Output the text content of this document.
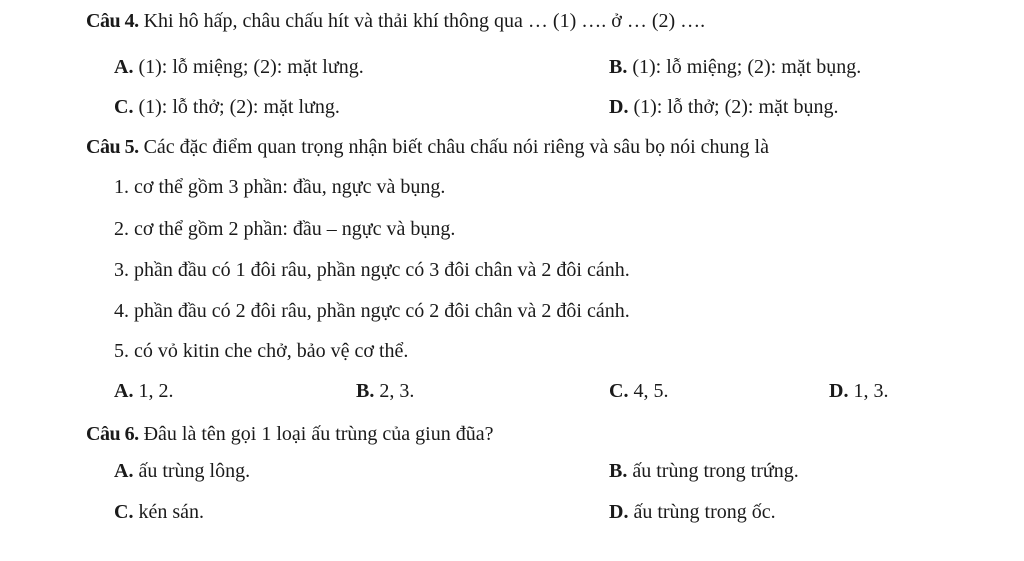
Câu 4. Khi hô hấp, châu chấu hít và thải khí thông qua … (1) …. ở … (2) ….
A. (1): lỗ miệng; (2): mặt lưng.	B. (1): lỗ miệng; (2): mặt bụng.
C. (1): lỗ thở; (2): mặt lưng.	D. (1): lỗ thở; (2): mặt bụng.
Câu 5. Các đặc điểm quan trọng nhận biết châu chấu nói riêng và sâu bọ nói chung là
1. cơ thể gồm 3 phần: đầu, ngực và bụng.
2. cơ thể gồm 2 phần: đầu – ngực và bụng.
3. phần đầu có 1 đôi râu, phần ngực có 3 đôi chân và 2 đôi cánh.
4. phần đầu có 2 đôi râu, phần ngực có 2 đôi chân và 2 đôi cánh.
5. có vỏ kitin che chở, bảo vệ cơ thể.
A. 1, 2.	B. 2, 3.	C. 4, 5.	D. 1, 3.
Câu 6. Đâu là tên gọi 1 loại ấu trùng của giun đũa?
A. ấu trùng lông.	B. ấu trùng trong trứng.
C. kén sán.	D. ấu trùng trong ốc.
